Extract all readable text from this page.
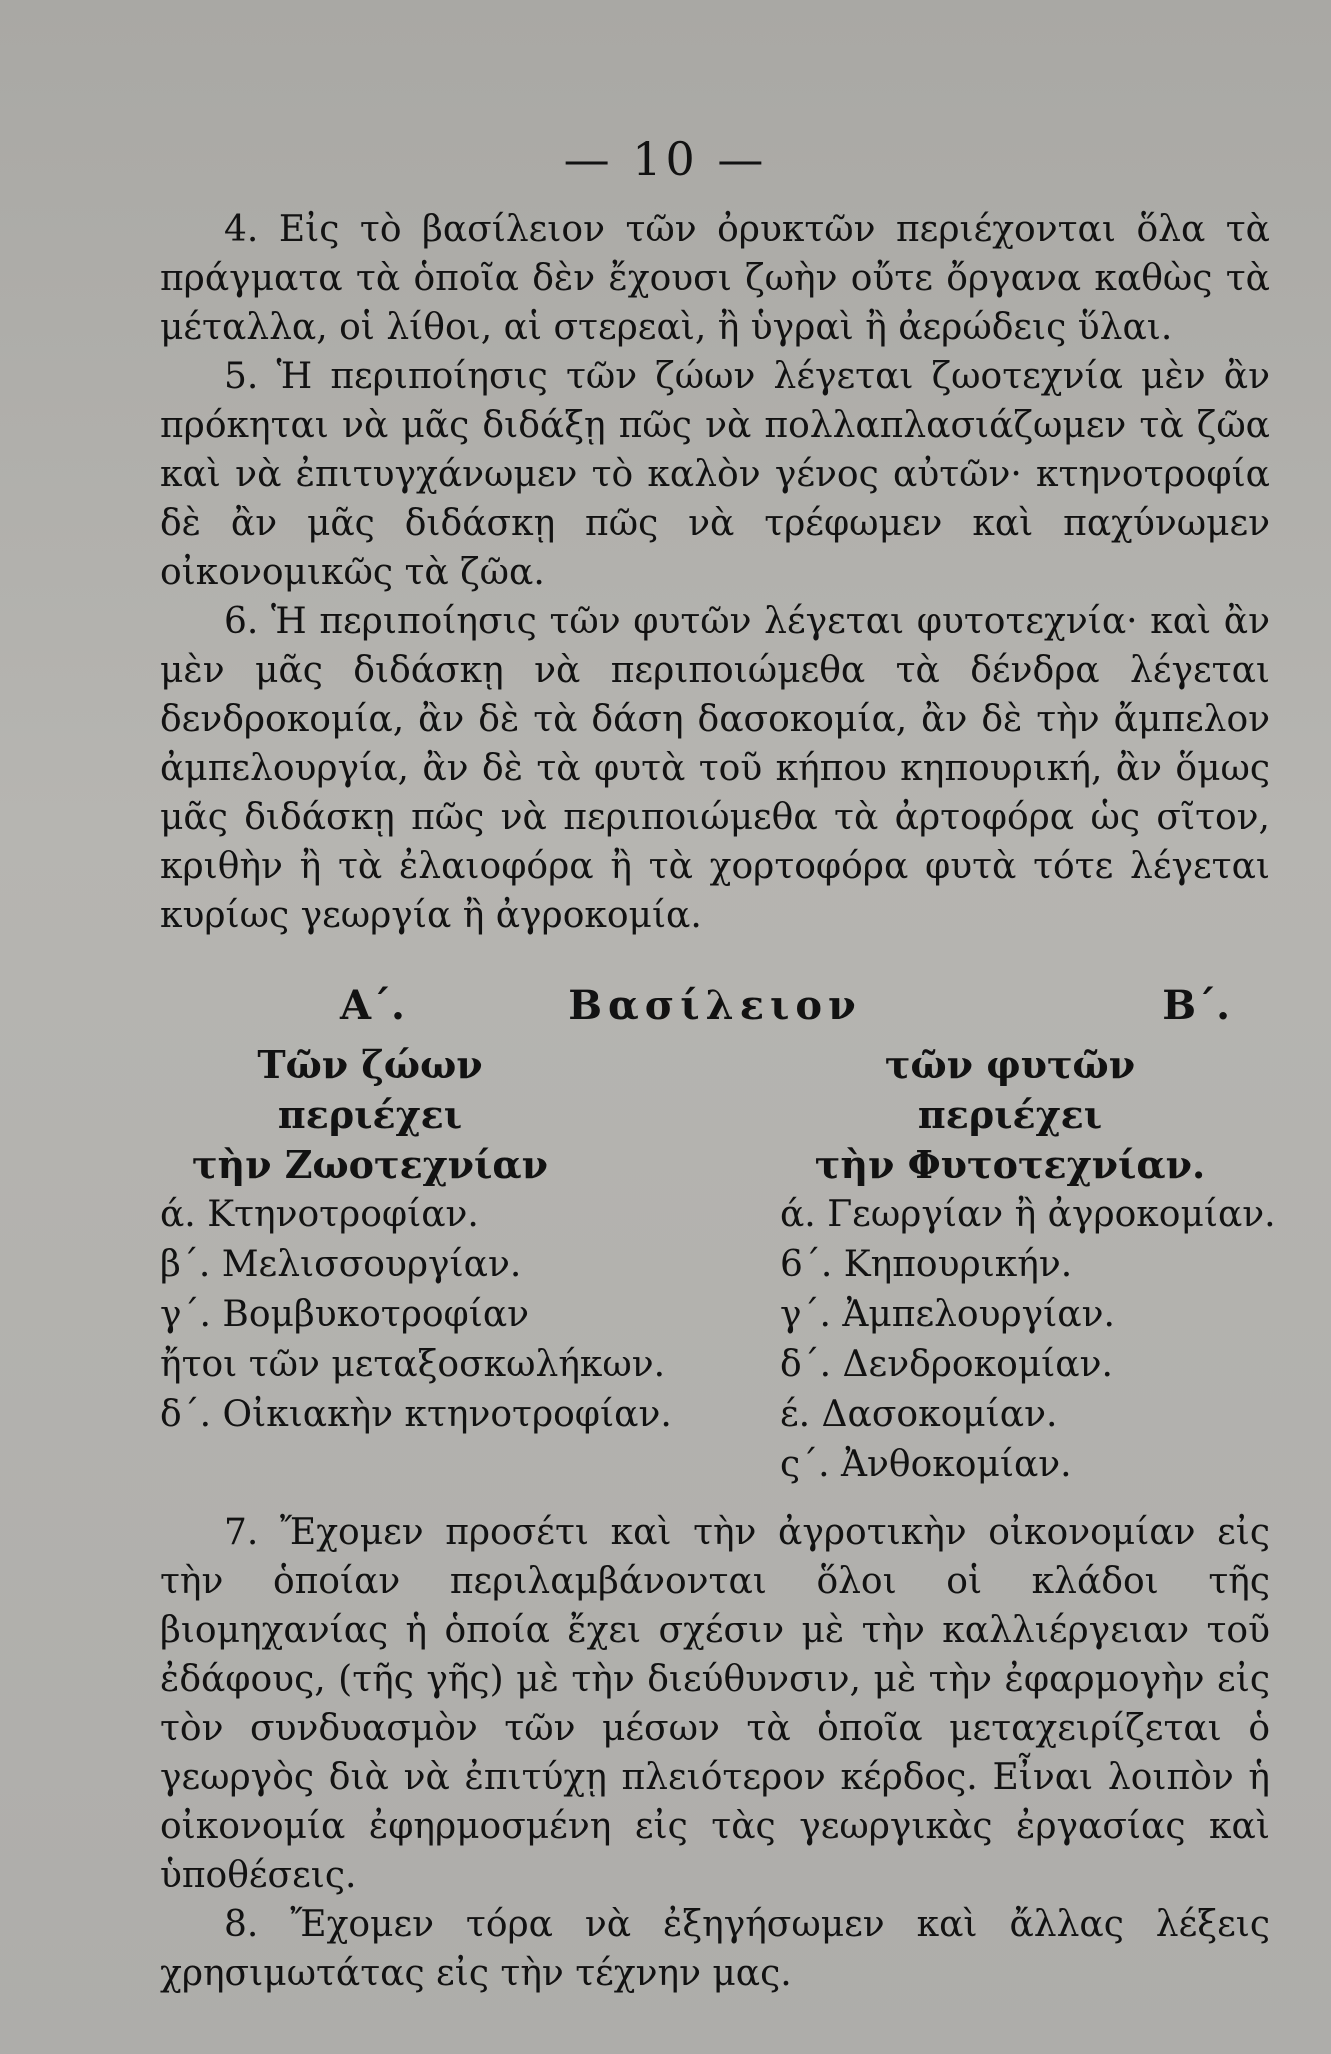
— 10 —

4. Εἰς τὸ βασίλειον τῶν ὀρυκτῶν περιέχονται ὅλα τὰ πράγματα τὰ ὁποῖα δὲν ἔχουσι ζωὴν οὔτε ὄργανα καθὼς τὰ μέταλλα, οἱ λίθοι, αἱ στερεαὶ, ἢ ὑγραὶ ἢ ἀερώδεις ὕλαι.

5. Ἡ περιποίησις τῶν ζώων λέγεται ζωοτεχνία μὲν ἂν πρόκηται νὰ μᾶς διδάξῃ πῶς νὰ πολλαπλασιάζωμεν τὰ ζῶα καὶ νὰ ἐπιτυγχάνωμεν τὸ καλὸν γένος αὐτῶν· κτηνοτροφία δὲ ἂν μᾶς διδάσκῃ πῶς νὰ τρέφωμεν καὶ παχύνωμεν οἰκονομικῶς τὰ ζῶα.

6. Ἡ περιποίησις τῶν φυτῶν λέγεται φυτοτεχνία· καὶ ἂν μὲν μᾶς διδάσκῃ νὰ περιποιώμεθα τὰ δένδρα λέγεται δενδροκομία, ἂν δὲ τὰ δάση δασοκομία, ἂν δὲ τὴν ἄμπελον ἀμπελουργία, ἂν δὲ τὰ φυτὰ τοῦ κήπου κηπουρική, ἂν ὅμως μᾶς διδάσκῃ πῶς νὰ περιποιώμεθα τὰ ἀρτοφόρα ὡς σῖτον, κριθὴν ἢ τὰ ἐλαιοφόρα ἢ τὰ χορτοφόρα φυτὰ τότε λέγεται κυρίως γεωργία ἢ ἀγροκομία.

Βασίλειον
Α΄.	Β΄.
Τῶν ζώων
περιέχει
τὴν Ζωοτεχνίαν
ά. Κτηνοτροφίαν.
β΄. Μελισσουργίαν.
γ΄. Βομβυκοτροφίαν
ἤτοι τῶν μεταξοσκωλήκων.
δ΄. Οἰκιακὴν κτηνοτροφίαν.
τῶν φυτῶν
περιέχει
τὴν Φυτοτεχνίαν.
ά. Γεωργίαν ἢ ἀγροκομίαν.
6΄. Κηπουρικήν.
γ΄. Ἀμπελουργίαν.
δ΄. Δενδροκομίαν.
έ. Δασοκομίαν.
ς΄. Ἀνθοκομίαν.

7. Ἔχομεν προσέτι καὶ τὴν ἀγροτικὴν οἰκονομίαν εἰς τὴν ὁποίαν περιλαμβάνονται ὅλοι οἱ κλάδοι τῆς βιομηχανίας ἡ ὁποία ἔχει σχέσιν μὲ τὴν καλλιέργειαν τοῦ ἐδάφους, (τῆς γῆς) μὲ τὴν διεύθυνσιν, μὲ τὴν ἐφαρμογὴν εἰς τὸν συνδυασμὸν τῶν μέσων τὰ ὁποῖα μεταχειρίζεται ὁ γεωργὸς διὰ νὰ ἐπιτύχῃ πλειότερον κέρδος. Εἶναι λοιπὸν ἡ οἰκονομία ἐφηρμοσμένη εἰς τὰς γεωργικὰς ἐργασίας καὶ ὑποθέσεις.

8. Ἔχομεν τόρα νὰ ἐξηγήσωμεν καὶ ἄλλας λέξεις χρησιμωτάτας εἰς τὴν τέχνην μας.
